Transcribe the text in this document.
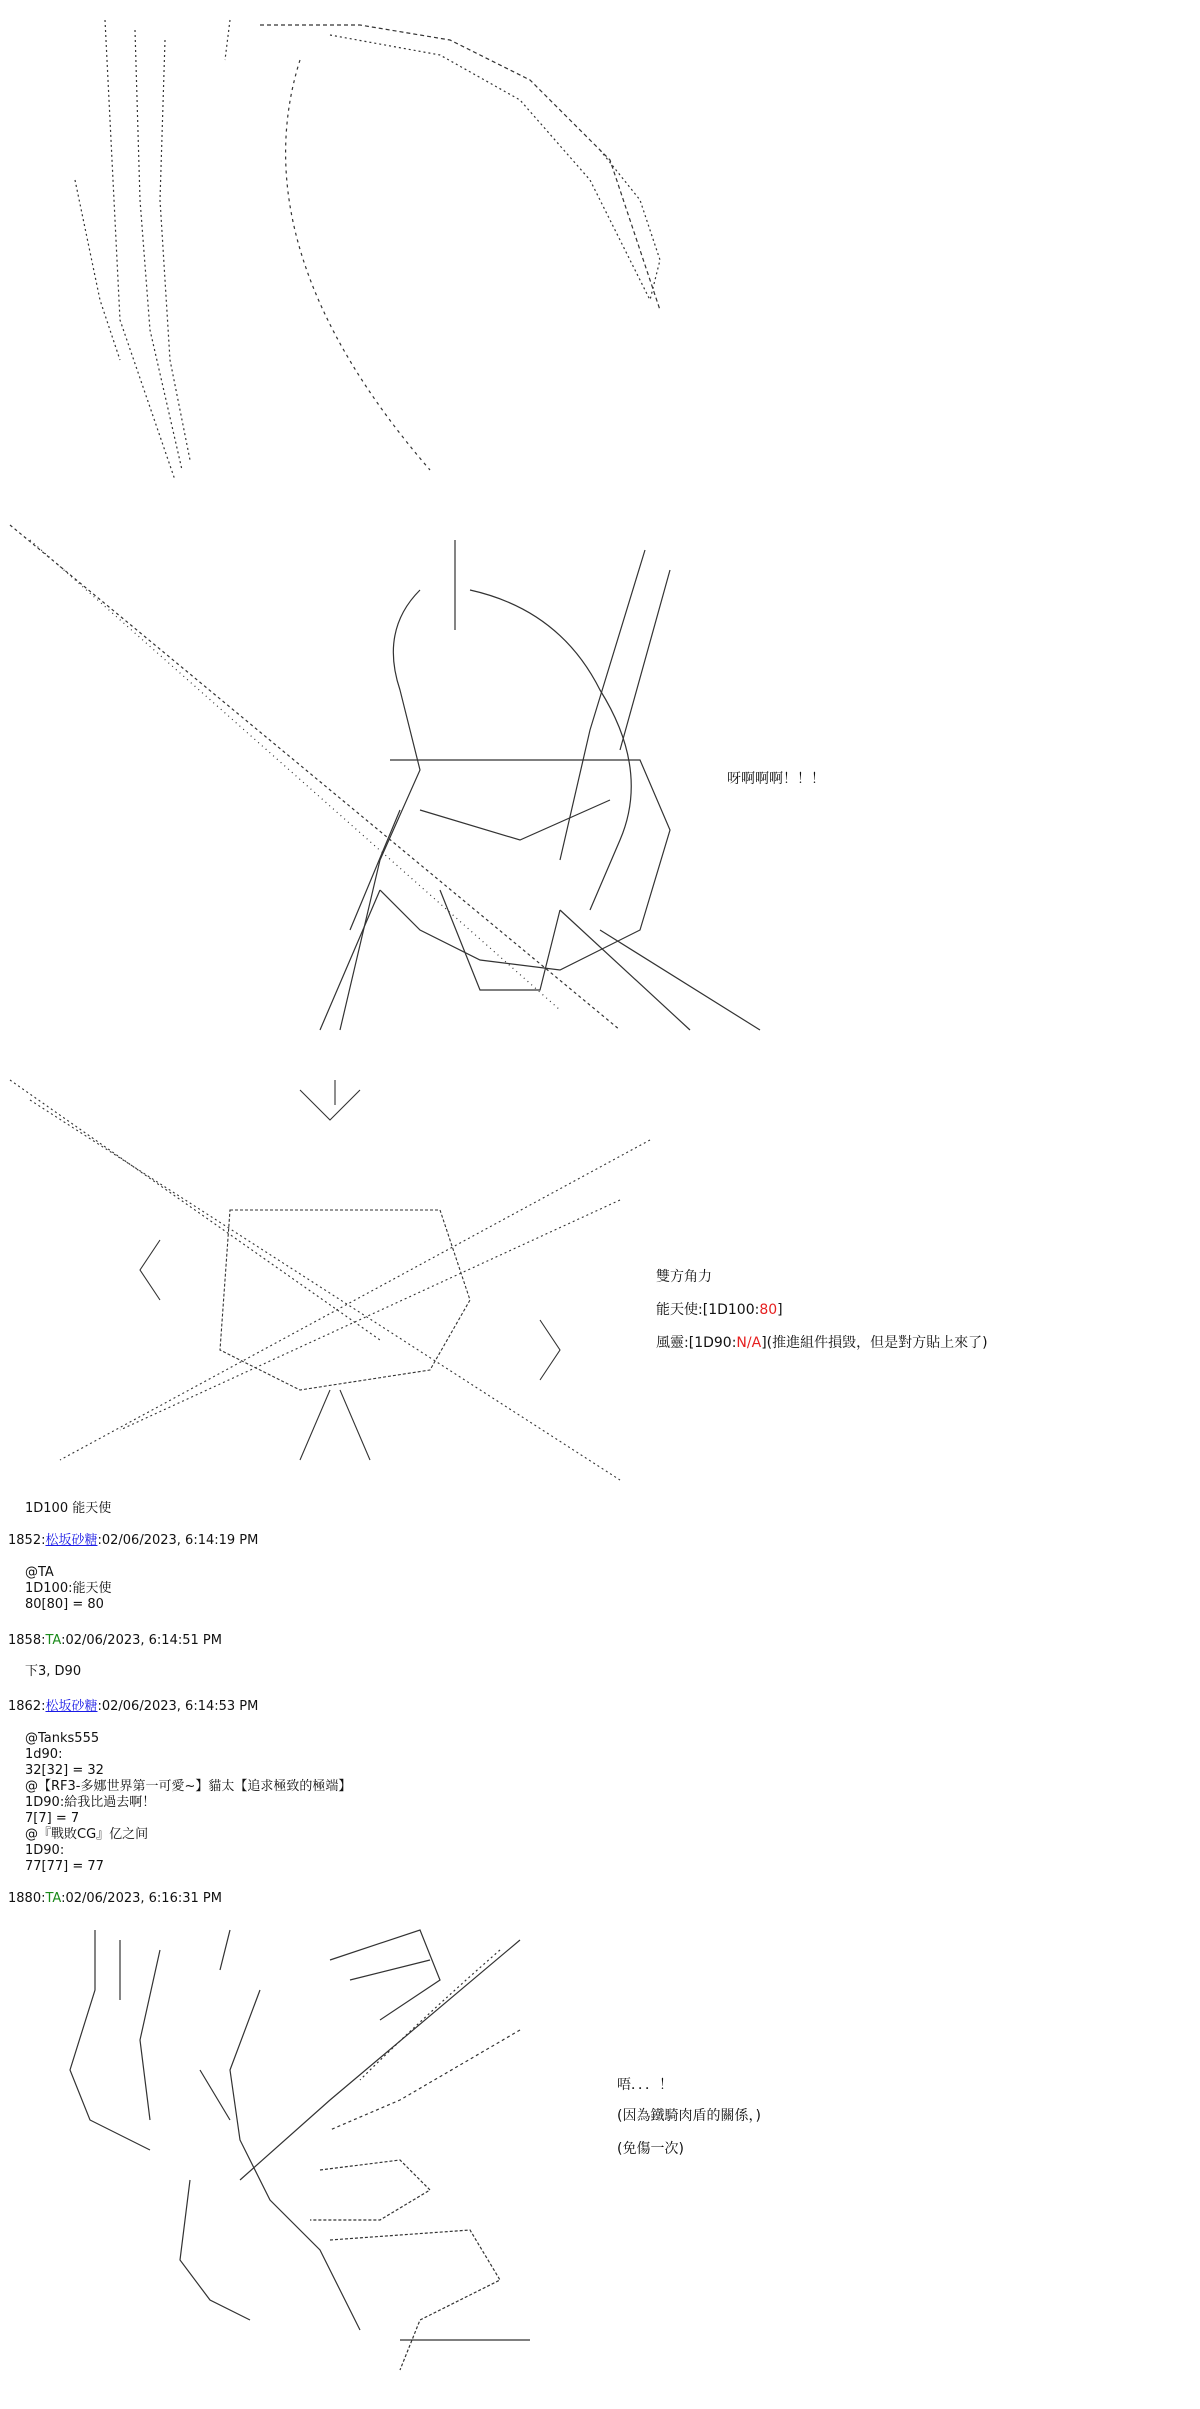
呀啊啊啊！！！
雙方角力
能天使:[1D100:80]
風靈:[1D90:N/A](推進組件損毀，但是對方貼上來了)
1D100 能天使
1852:松坂砂糖:02/06/2023, 6:14:19 PM
@TA
1D100:能天使
80[80] = 80
1858:TA:02/06/2023, 6:14:51 PM
下3, D90
1862:松坂砂糖:02/06/2023, 6:14:53 PM
@Tanks555
1d90:
32[32] = 32
@【RF3-多娜世界第一可愛~】貓太【追求極致的極端】
1D90:給我比過去啊！
7[7] = 7
@『戰敗CG』亿之间
1D90:
77[77] = 77
1880:TA:02/06/2023, 6:16:31 PM
唔．．．！
(因為鐵騎肉盾的關係，)
(免傷一次)
